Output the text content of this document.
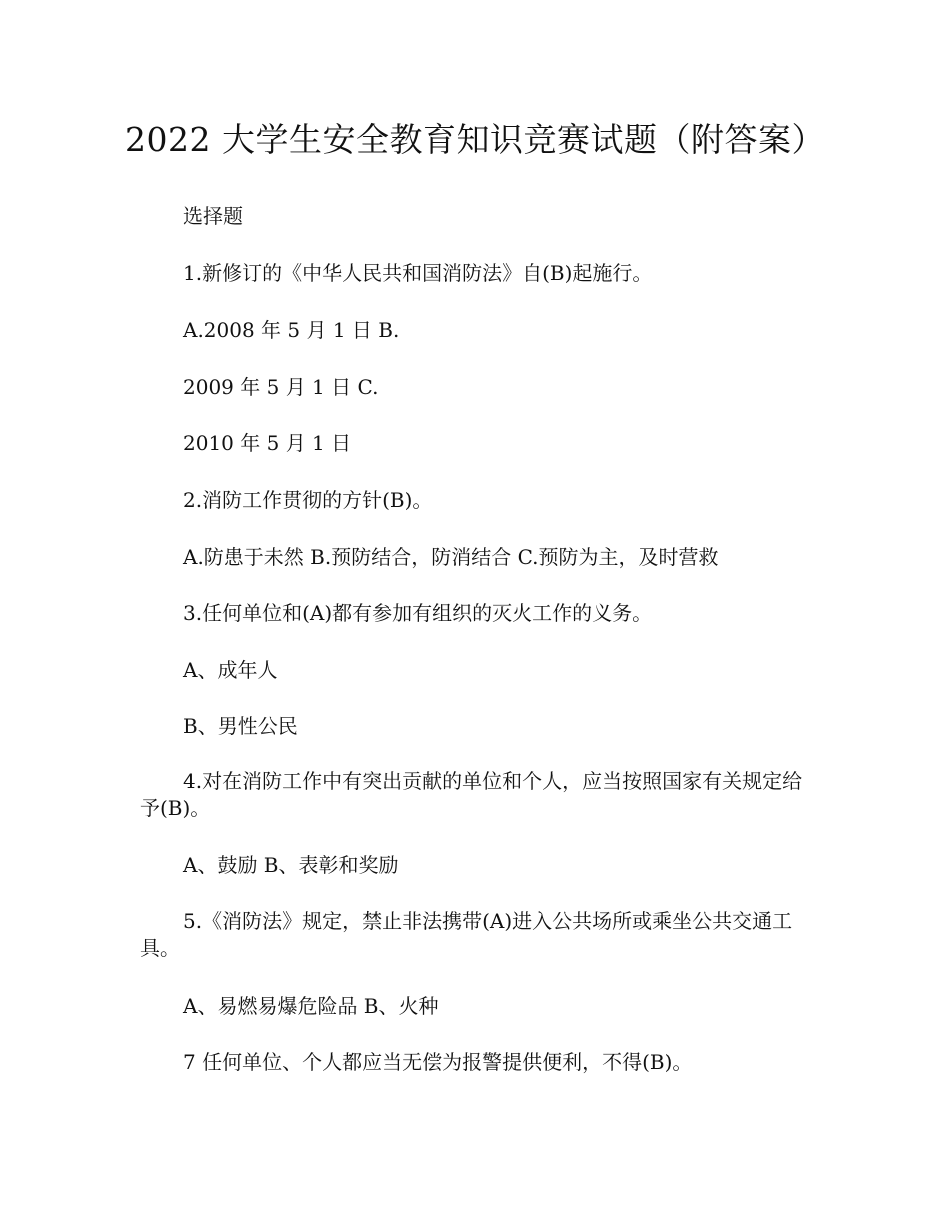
2022 大学生安全教育知识竞赛试题（附答案）
选择题
1.新修订的《中华人民共和国消防法》自(B)起施行。
A.2008 年 5 月 1 日 B.
2009 年 5 月 1 日 C.
2010 年 5 月 1 日
2.消防工作贯彻的方针(B)。
A.防患于未然 B.预防结合，防消结合 C.预防为主，及时营救
3.任何单位和(A)都有参加有组织的灭火工作的义务。
A、成年人
B、男性公民
4.对在消防工作中有突出贡献的单位和个人，应当按照国家有关规定给予(B)。
A、鼓励 B、表彰和奖励
5.《消防法》规定，禁止非法携带(A)进入公共场所或乘坐公共交通工具。
A、易燃易爆危险品 B、火种
7 任何单位、个人都应当无偿为报警提供便利，不得(B)。
